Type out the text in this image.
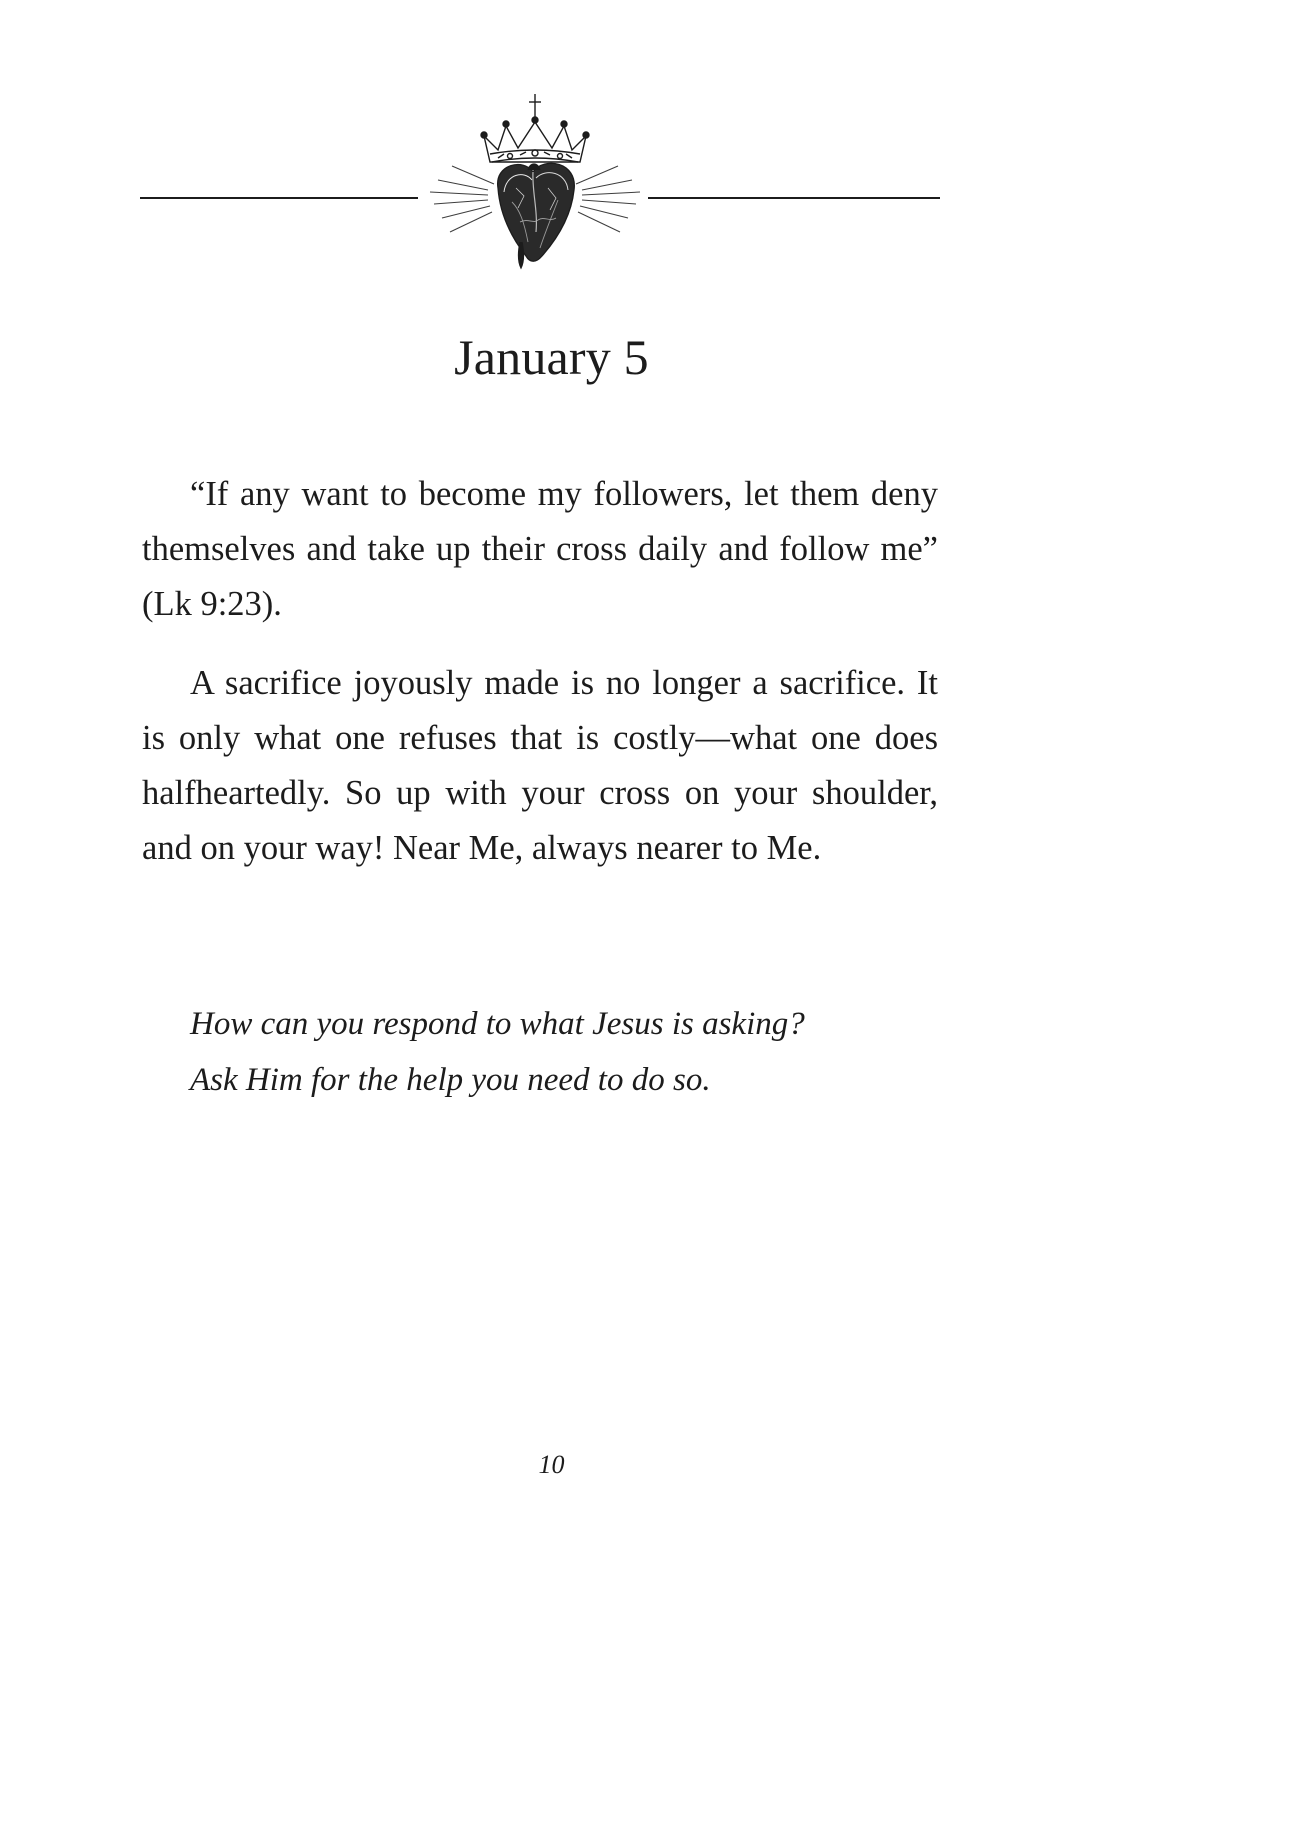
January 5

“If any want to become my followers, let them deny themselves and take up their cross daily and follow me” (Lk 9:23).

A sacrifice joyously made is no longer a sacrifice. It is only what one refuses that is costly—what one does halfheartedly. So up with your cross on your shoulder, and on your way! Near Me, always nearer to Me.

How can you respond to what Jesus is asking?
Ask Him for the help you need to do so.
10
